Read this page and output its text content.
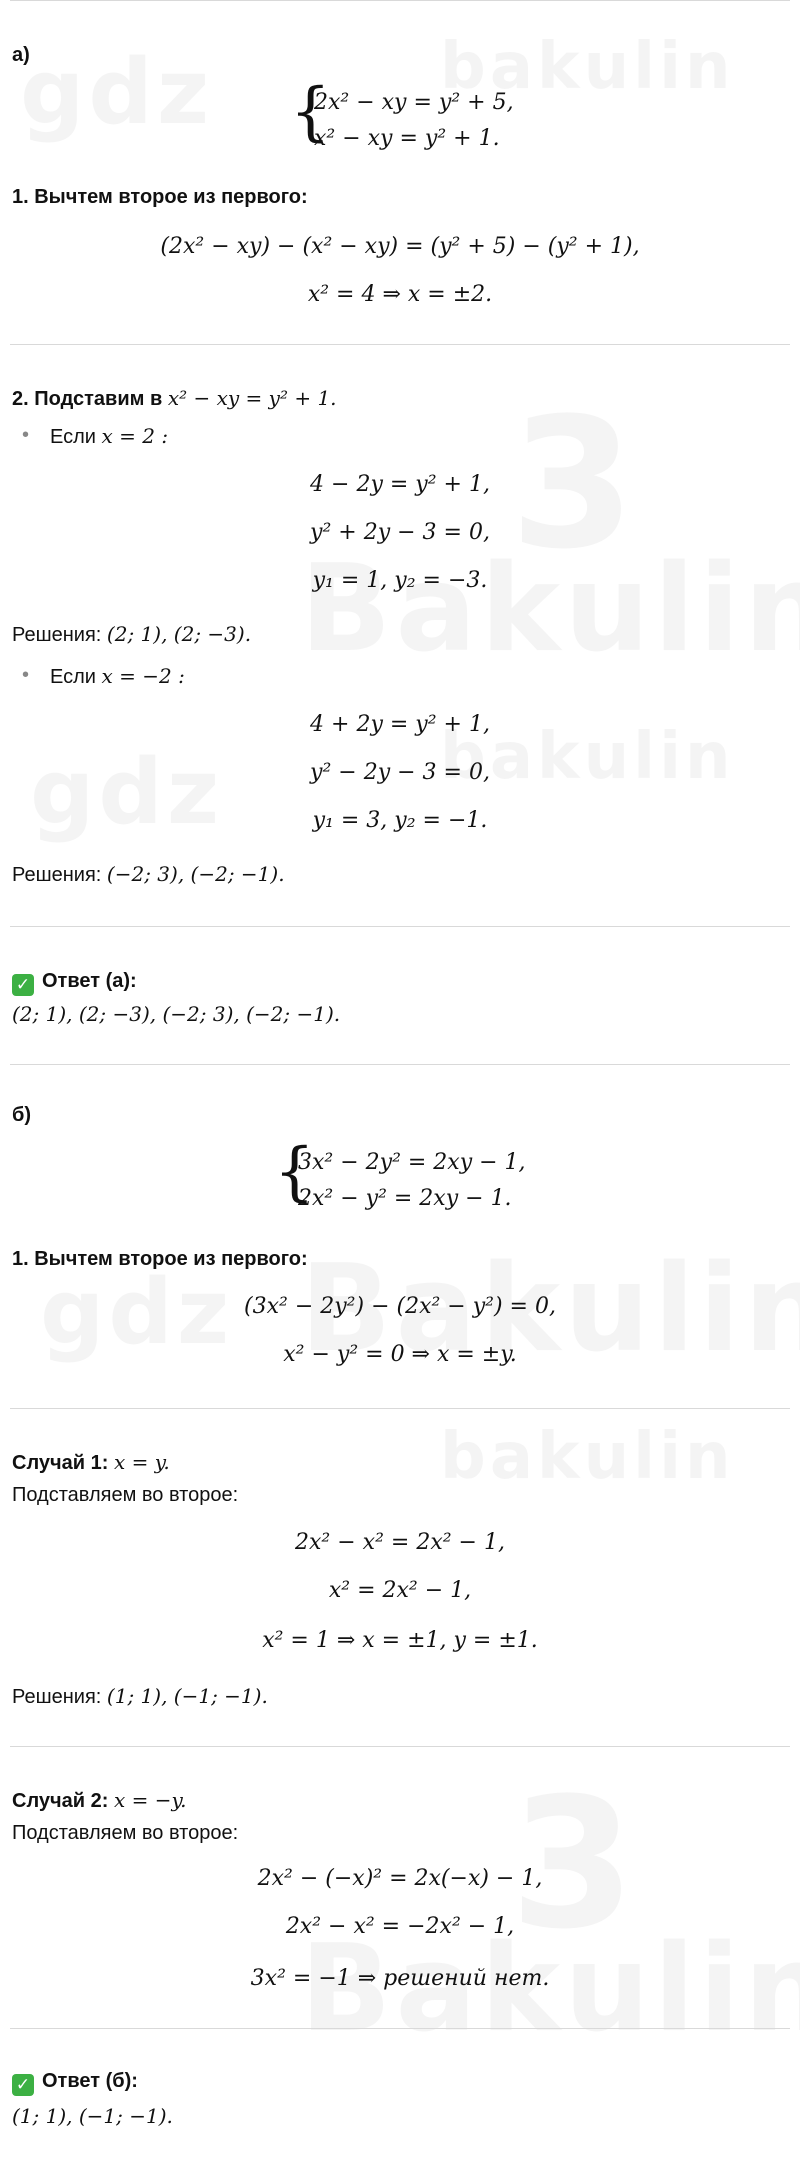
а)
{
2x² − xy = y² + 5,
x² − xy = y² + 1.
1. Вычтем второе из первого:
(2x² − xy) − (x² − xy) = (y² + 5) − (y² + 1),
x² = 4 ⇒ x = ±2.
2. Подставим в x² − xy = y² + 1.
• Если x = 2 :
4 − 2y = y² + 1,
y² + 2y − 3 = 0,
y₁ = 1, y₂ = −3.
Решения: (2; 1), (2; −3).
• Если x = −2 :
4 + 2y = y² + 1,
y² − 2y − 3 = 0,
y₁ = 3, y₂ = −1.
Решения: (−2; 3), (−2; −1).
✓ Ответ (а):
(2; 1), (2; −3), (−2; 3), (−2; −1).
б)
{
3x² − 2y² = 2xy − 1,
2x² − y² = 2xy − 1.
1. Вычтем второе из первого:
(3x² − 2y²) − (2x² − y²) = 0,
x² − y² = 0 ⇒ x = ±y.
Случай 1: x = y.
Подставляем во второе:
2x² − x² = 2x² − 1,
x² = 2x² − 1,
x² = 1 ⇒ x = ±1, y = ±1.
Решения: (1; 1), (−1; −1).
Случай 2: x = −y.
Подставляем во второе:
2x² − (−x)² = 2x(−x) − 1,
2x² − x² = −2x² − 1,
3x² = −1 ⇒ решений нет.
✓ Ответ (б):
(1; 1), (−1; −1).
